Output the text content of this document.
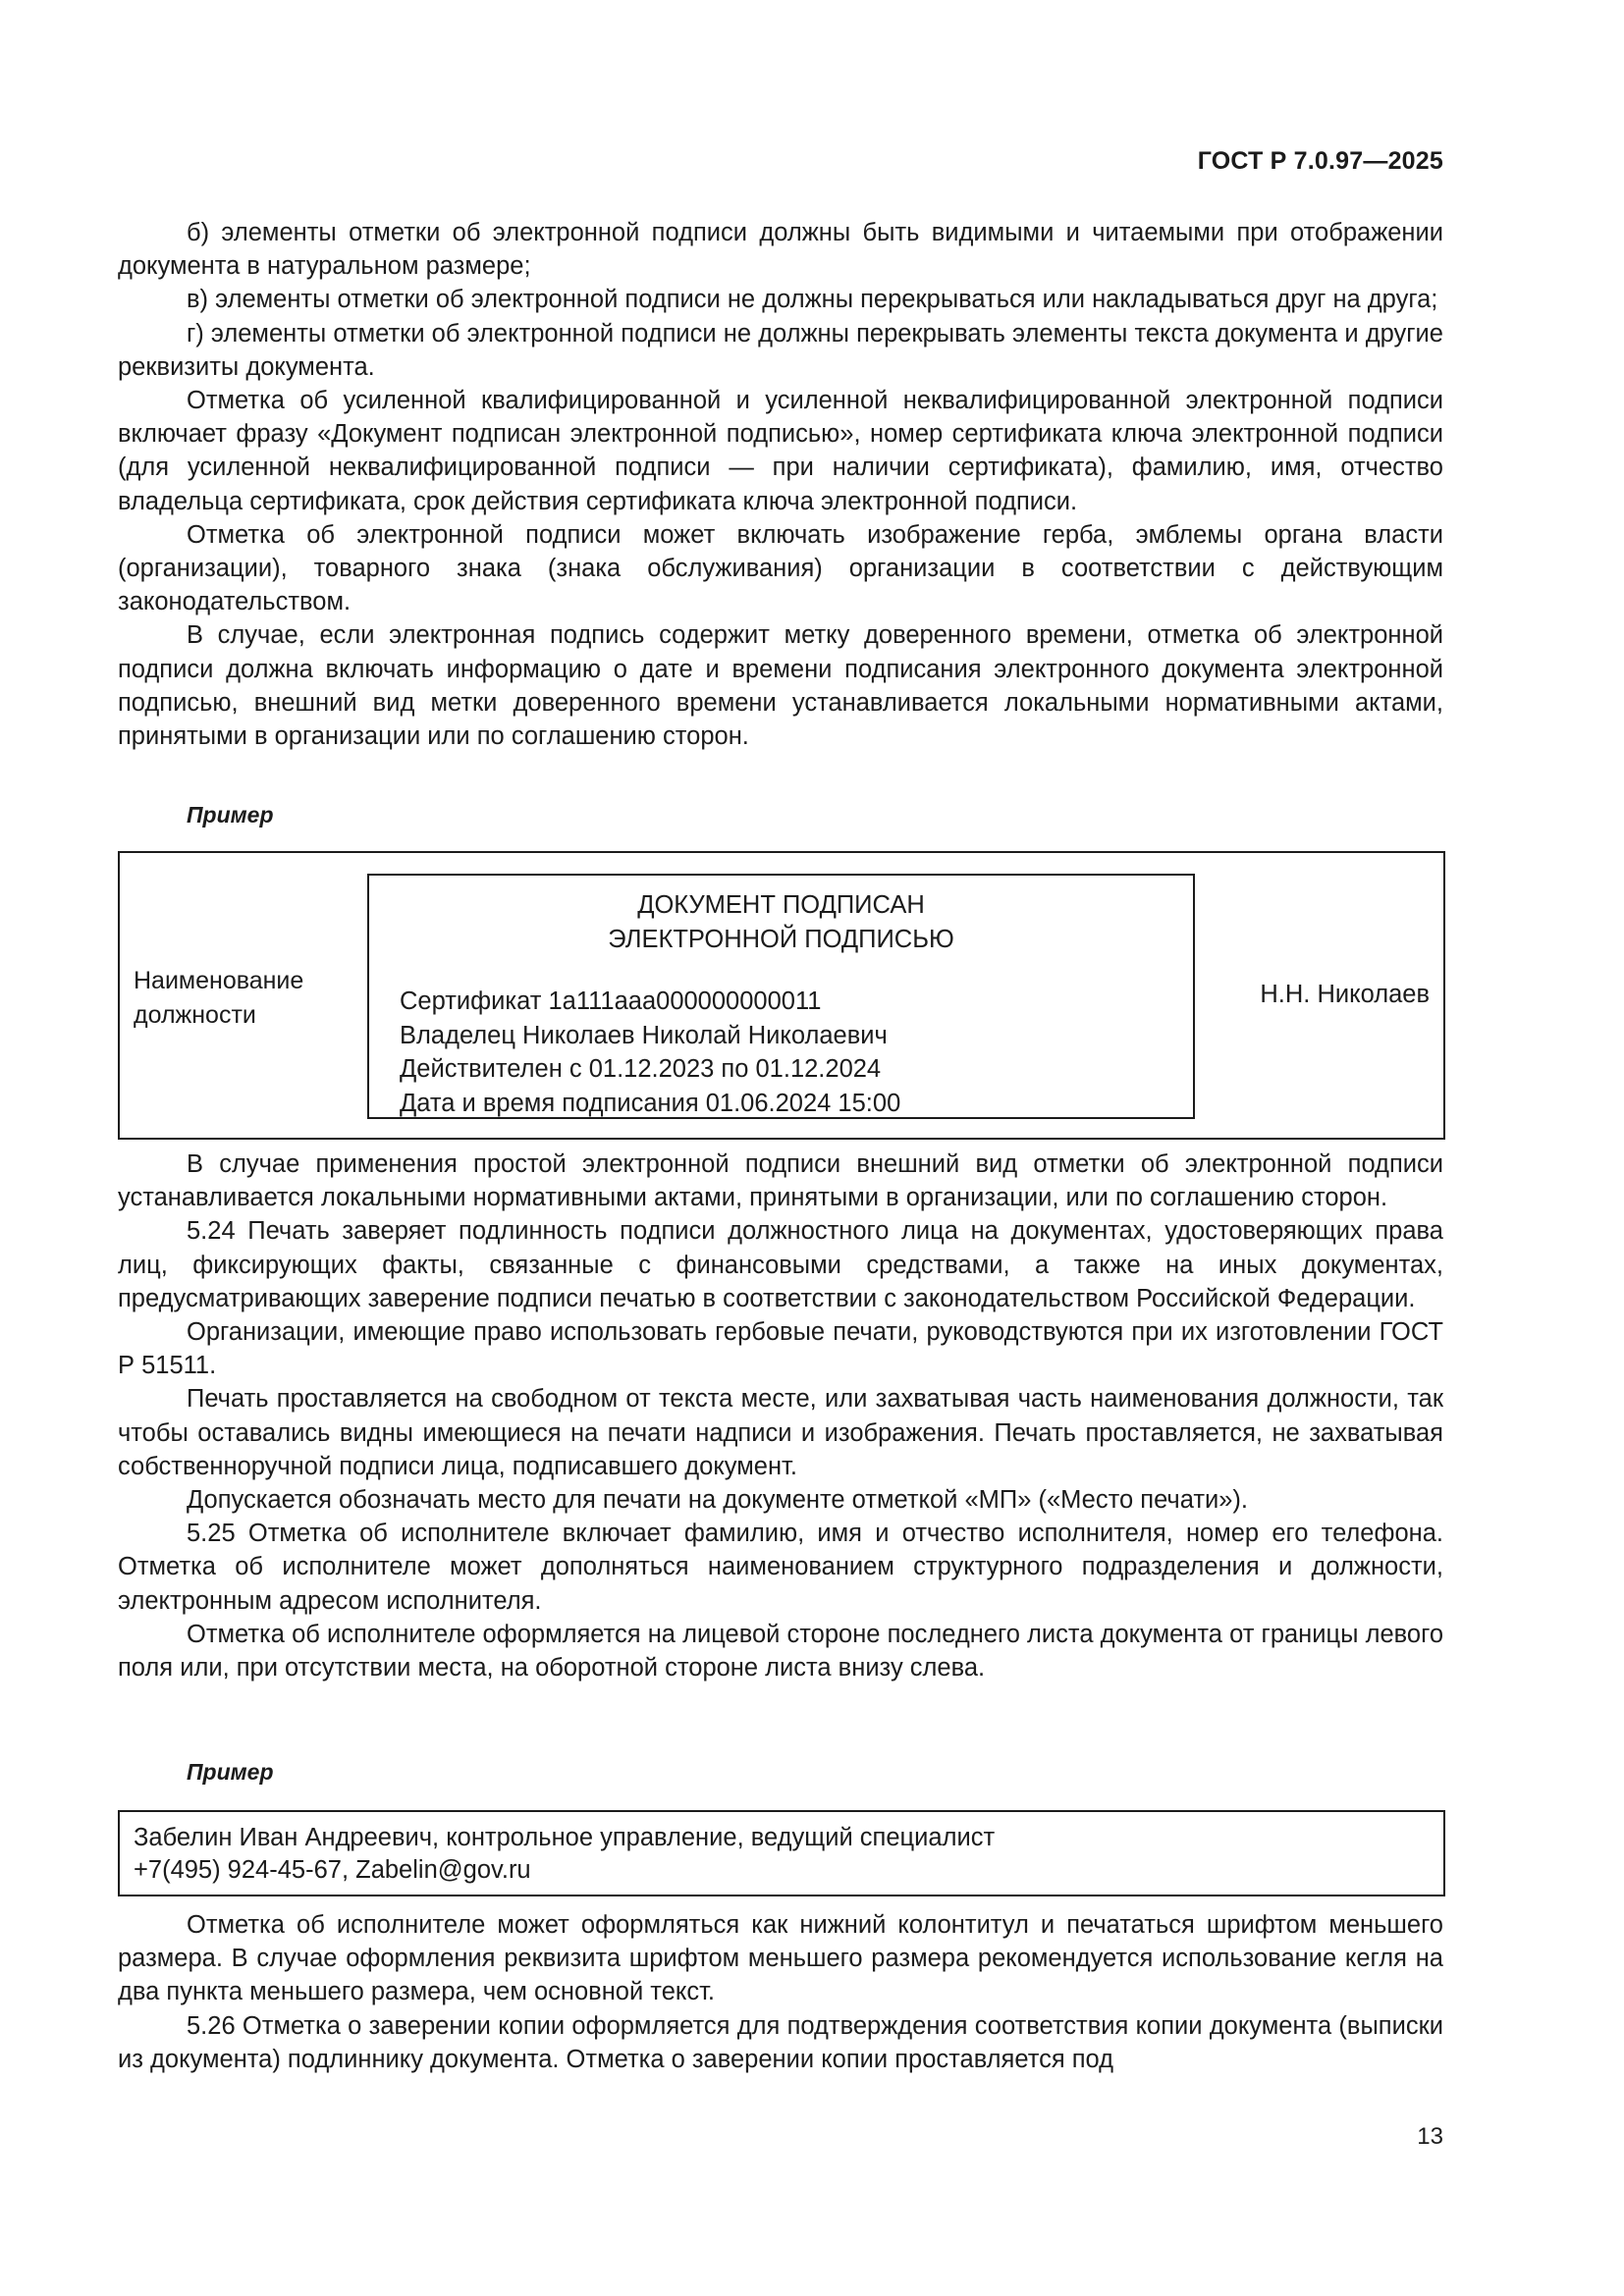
ГОСТ Р 7.0.97—2025

б) элементы отметки об электронной подписи должны быть видимыми и читаемыми при отображении документа в натуральном размере;

в) элементы отметки об электронной подписи не должны перекрываться или накладываться друг на друга;

г) элементы отметки об электронной подписи не должны перекрывать элементы текста документа и другие реквизиты документа.

Отметка об усиленной квалифицированной и усиленной неквалифицированной электронной подписи включает фразу «Документ подписан электронной подписью», номер сертификата ключа электронной подписи (для усиленной неквалифицированной подписи — при наличии сертификата), фамилию, имя, отчество владельца сертификата, срок действия сертификата ключа электронной подписи.

Отметка об электронной подписи может включать изображение герба, эмблемы органа власти (организации), товарного знака (знака обслуживания) организации в соответствии с действующим законодательством.

В случае, если электронная подпись содержит метку доверенного времени, отметка об электронной подписи должна включать информацию о дате и времени подписания электронного документа электронной подписью, внешний вид метки доверенного времени устанавливается локальными нормативными актами, принятыми в организации или по соглашению сторон.

Пример
Наименование
должности
ДОКУМЕНТ ПОДПИСАН
ЭЛЕКТРОННОЙ ПОДПИСЬЮ
Сертификат 1a111aaa000000000011
Владелец Николаев Николай Николаевич
Действителен с 01.12.2023 по 01.12.2024
Дата и время подписания 01.06.2024 15:00
Н.Н. Николаев

В случае применения простой электронной подписи внешний вид отметки об электронной подписи устанавливается локальными нормативными актами, принятыми в организации, или по соглашению сторон.

5.24 Печать заверяет подлинность подписи должностного лица на документах, удостоверяющих права лиц, фиксирующих факты, связанные с финансовыми средствами, а также на иных документах, предусматривающих заверение подписи печатью в соответствии с законодательством Российской Федерации.

Организации, имеющие право использовать гербовые печати, руководствуются при их изготовлении ГОСТ Р 51511.

Печать проставляется на свободном от текста месте, или захватывая часть наименования должности, так чтобы оставались видны имеющиеся на печати надписи и изображения. Печать проставляется, не захватывая собственноручной подписи лица, подписавшего документ.

Допускается обозначать место для печати на документе отметкой «МП» («Место печати»).

5.25 Отметка об исполнителе включает фамилию, имя и отчество исполнителя, номер его телефона. Отметка об исполнителе может дополняться наименованием структурного подразделения и должности, электронным адресом исполнителя.

Отметка об исполнителе оформляется на лицевой стороне последнего листа документа от границы левого поля или, при отсутствии места, на оборотной стороне листа внизу слева.

Пример
Забелин Иван Андреевич, контрольное управление, ведущий специалист
+7(495) 924-45-67, Zabelin@gov.ru

Отметка об исполнителе может оформляться как нижний колонтитул и печататься шрифтом меньшего размера. В случае оформления реквизита шрифтом меньшего размера рекомендуется использование кегля на два пункта меньшего размера, чем основной текст.

5.26 Отметка о заверении копии оформляется для подтверждения соответствия копии документа (выписки из документа) подлиннику документа. Отметка о заверении копии проставляется под

13
